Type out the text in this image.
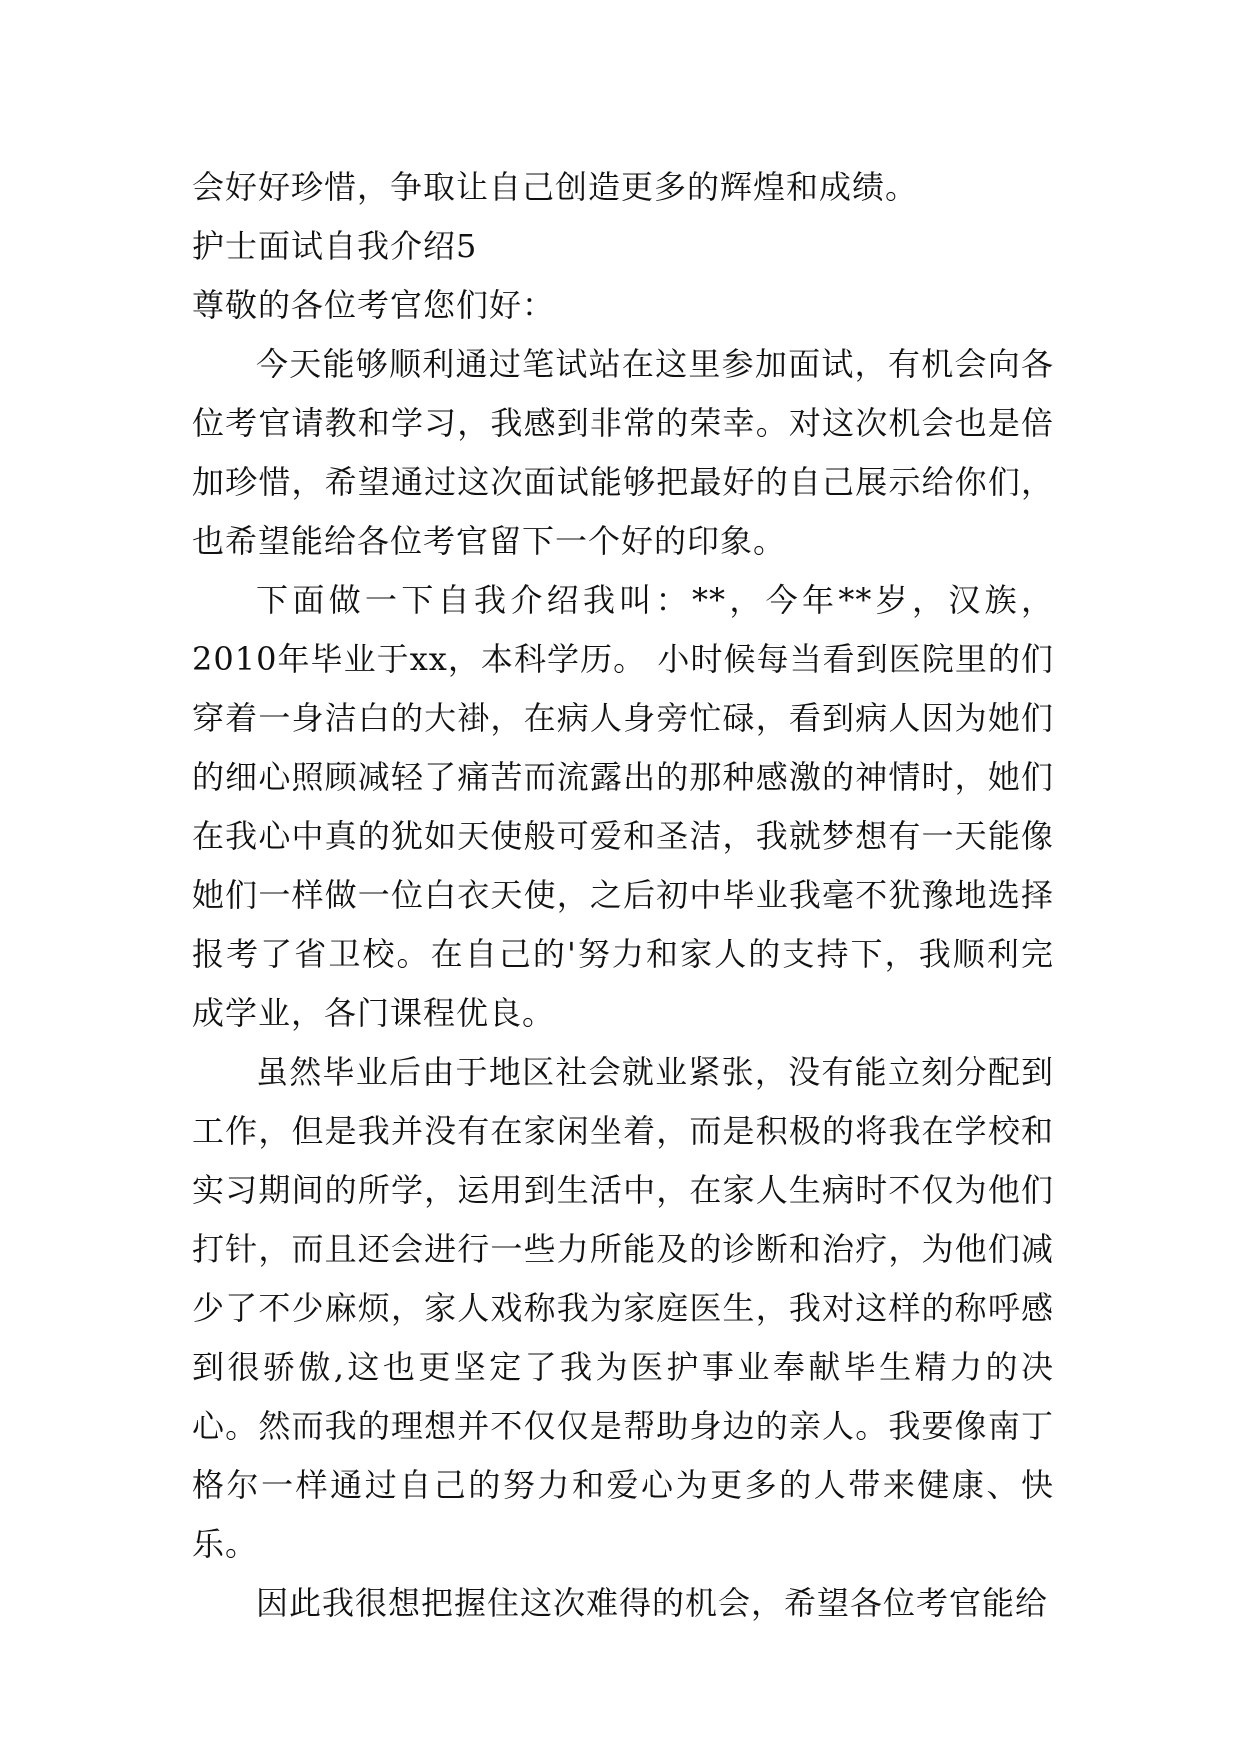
会好好珍惜，争取让自己创造更多的辉煌和成绩。

护士面试自我介绍5

尊敬的各位考官您们好：

今天能够顺利通过笔试站在这里参加面试，有机会向各位考官请教和学习，我感到非常的荣幸。对这次机会也是倍加珍惜，希望通过这次面试能够把最好的自己展示给你们，也希望能给各位考官留下一个好的印象。

下面做一下自我介绍我叫：**，今年**岁，汉族，2010年毕业于xx，本科学历。 小时候每当看到医院里的们穿着一身洁白的大褂，在病人身旁忙碌，看到病人因为她们的细心照顾减轻了痛苦而流露出的那种感激的神情时，她们在我心中真的犹如天使般可爱和圣洁，我就梦想有一天能像她们一样做一位白衣天使，之后初中毕业我毫不犹豫地选择报考了省卫校。在自己的'努力和家人的支持下，我顺利完成学业，各门课程优良。

虽然毕业后由于地区社会就业紧张，没有能立刻分配到工作，但是我并没有在家闲坐着，而是积极的将我在学校和实习期间的所学，运用到生活中，在家人生病时不仅为他们打针，而且还会进行一些力所能及的诊断和治疗，为他们减少了不少麻烦，家人戏称我为家庭医生，我对这样的称呼感到很骄傲,这也更坚定了我为医护事业奉献毕生精力的决心。然而我的理想并不仅仅是帮助身边的亲人。我要像南丁格尔一样通过自己的努力和爱心为更多的人带来健康、快乐。

因此我很想把握住这次难得的机会，希望各位考官能给
